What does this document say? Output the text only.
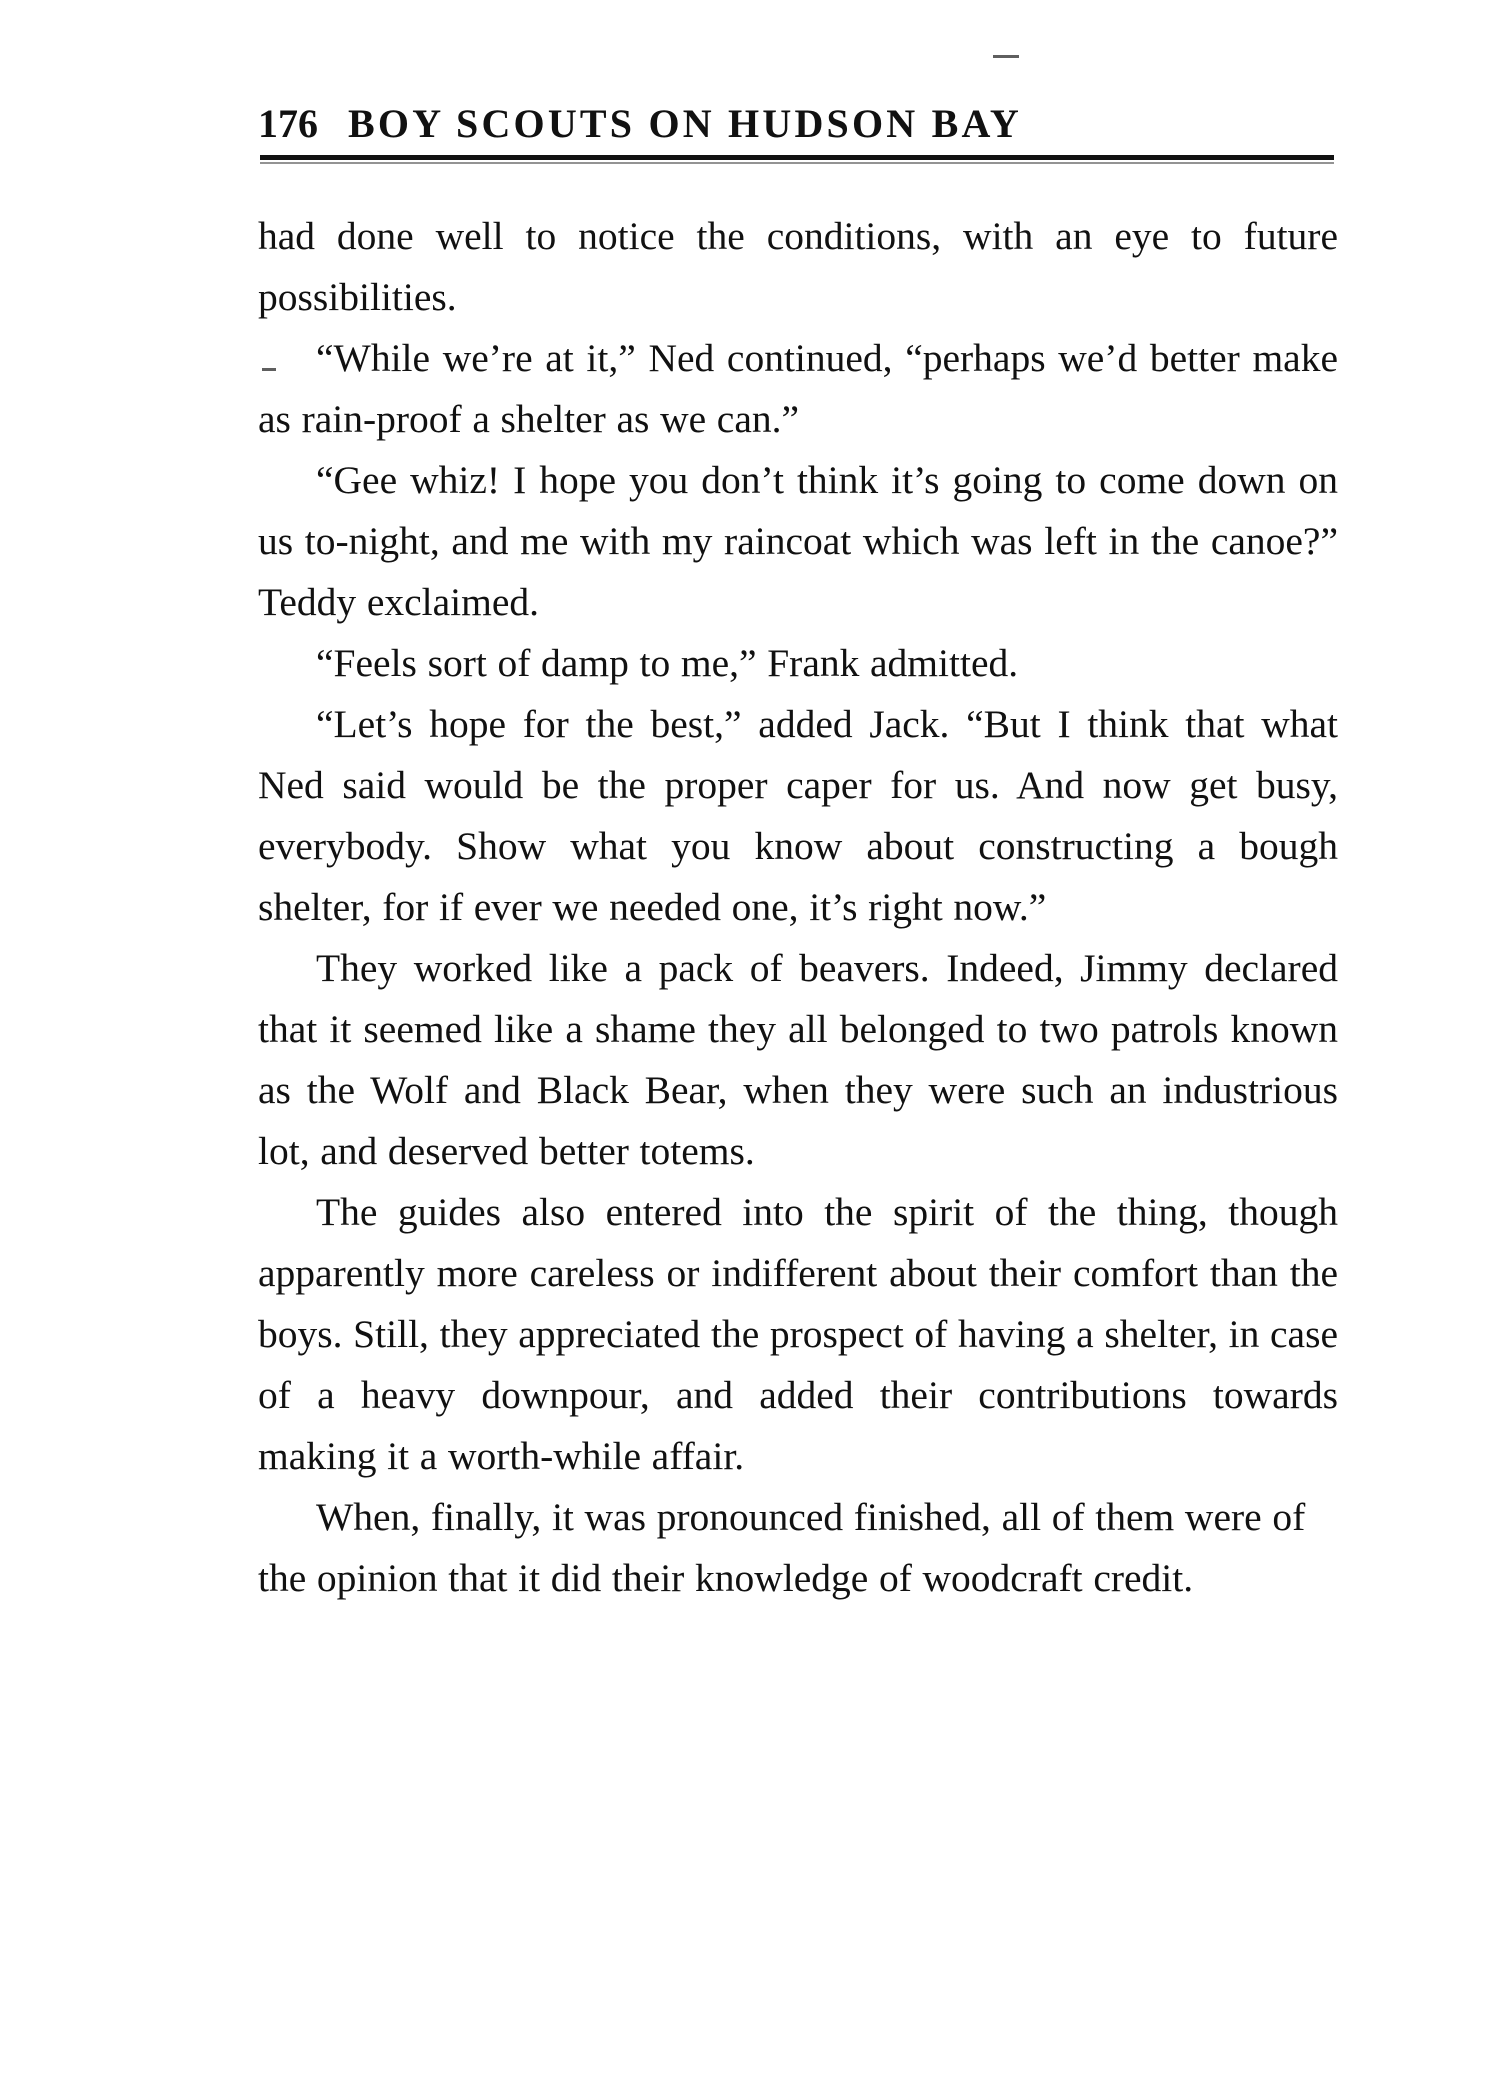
176 BOY SCOUTS ON HUDSON BAY

had done well to notice the conditions, with an eye to future possibilities.

“While we’re at it,” Ned continued, “perhaps we’d better make as rain-proof a shelter as we can.”

“Gee whiz! I hope you don’t think it’s going to come down on us to-night, and me with my raincoat which was left in the canoe?” Teddy exclaimed.

“Feels sort of damp to me,” Frank admitted.

“Let’s hope for the best,” added Jack. “But I think that what Ned said would be the proper caper for us. And now get busy, everybody. Show what you know about constructing a bough shelter, for if ever we needed one, it’s right now.”

They worked like a pack of beavers. Indeed, Jimmy declared that it seemed like a shame they all belonged to two patrols known as the Wolf and Black Bear, when they were such an industrious lot, and deserved better totems.

The guides also entered into the spirit of the thing, though apparently more careless or indifferent about their comfort than the boys. Still, they appreciated the prospect of having a shelter, in case of a heavy downpour, and added their contributions towards making it a worth-while affair.

When, finally, it was pronounced finished, all of them were of the opinion that it did their knowledge of woodcraft credit.
